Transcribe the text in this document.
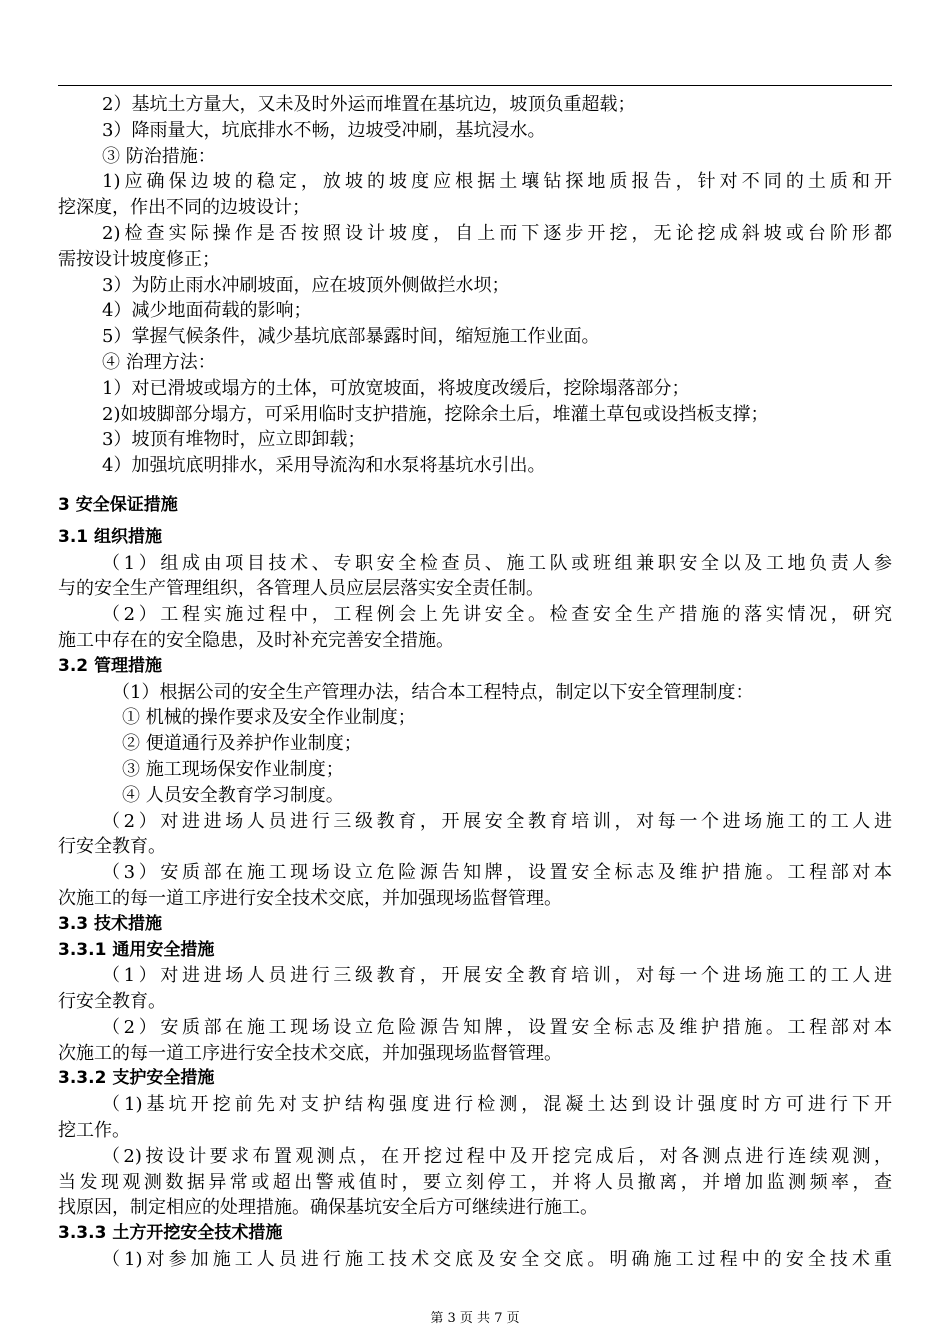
2）基坑土方量大，又未及时外运而堆置在基坑边，坡顶负重超载；
3）降雨量大，坑底排水不畅，边坡受冲刷，基坑浸水。
③ 防治措施：
1)应确保边坡的稳定，放坡的坡度应根据土壤钻探地质报告，针对不同的土质和开
挖深度，作出不同的边坡设计；
2)检查实际操作是否按照设计坡度，自上而下逐步开挖，无论挖成斜坡或台阶形都
需按设计坡度修正；
3）为防止雨水冲刷坡面，应在坡顶外侧做拦水坝；
4）减少地面荷载的影响；
5）掌握气候条件，减少基坑底部暴露时间，缩短施工作业面。
④ 治理方法：
1）对已滑坡或塌方的土体，可放宽坡面，将坡度改缓后，挖除塌落部分；
2)如坡脚部分塌方，可采用临时支护措施，挖除余土后，堆灌土草包或设挡板支撑；
3）坡顶有堆物时，应立即卸载；
4）加强坑底明排水，采用导流沟和水泵将基坑水引出。
3 安全保证措施
3.1 组织措施
（1）组成由项目技术、专职安全检查员、施工队或班组兼职安全以及工地负责人参
与的安全生产管理组织，各管理人员应层层落实安全责任制。
（2）工程实施过程中，工程例会上先讲安全。检查安全生产措施的落实情况，研究
施工中存在的安全隐患，及时补充完善安全措施。
3.2 管理措施
（1）根据公司的安全生产管理办法，结合本工程特点，制定以下安全管理制度：
① 机械的操作要求及安全作业制度；
② 便道通行及养护作业制度；
③ 施工现场保安作业制度；
④ 人员安全教育学习制度。
（2）对进进场人员进行三级教育，开展安全教育培训，对每一个进场施工的工人进
行安全教育。
（3）安质部在施工现场设立危险源告知牌，设置安全标志及维护措施。工程部对本
次施工的每一道工序进行安全技术交底，并加强现场监督管理。
3.3 技术措施
3.3.1 通用安全措施
（1）对进进场人员进行三级教育，开展安全教育培训，对每一个进场施工的工人进
行安全教育。
（2）安质部在施工现场设立危险源告知牌，设置安全标志及维护措施。工程部对本
次施工的每一道工序进行安全技术交底，并加强现场监督管理。
3.3.2 支护安全措施
（1)基坑开挖前先对支护结构强度进行检测，混凝土达到设计强度时方可进行下开
挖工作。
（2)按设计要求布置观测点，在开挖过程中及开挖完成后，对各测点进行连续观测，
当发现观测数据异常或超出警戒值时，要立刻停工，并将人员撤离，并增加监测频率，查
找原因，制定相应的处理措施。确保基坑安全后方可继续进行施工。
3.3.3 土方开挖安全技术措施
（1)对参加施工人员进行施工技术交底及安全交底。明确施工过程中的安全技术重
第 3 页 共 7 页
